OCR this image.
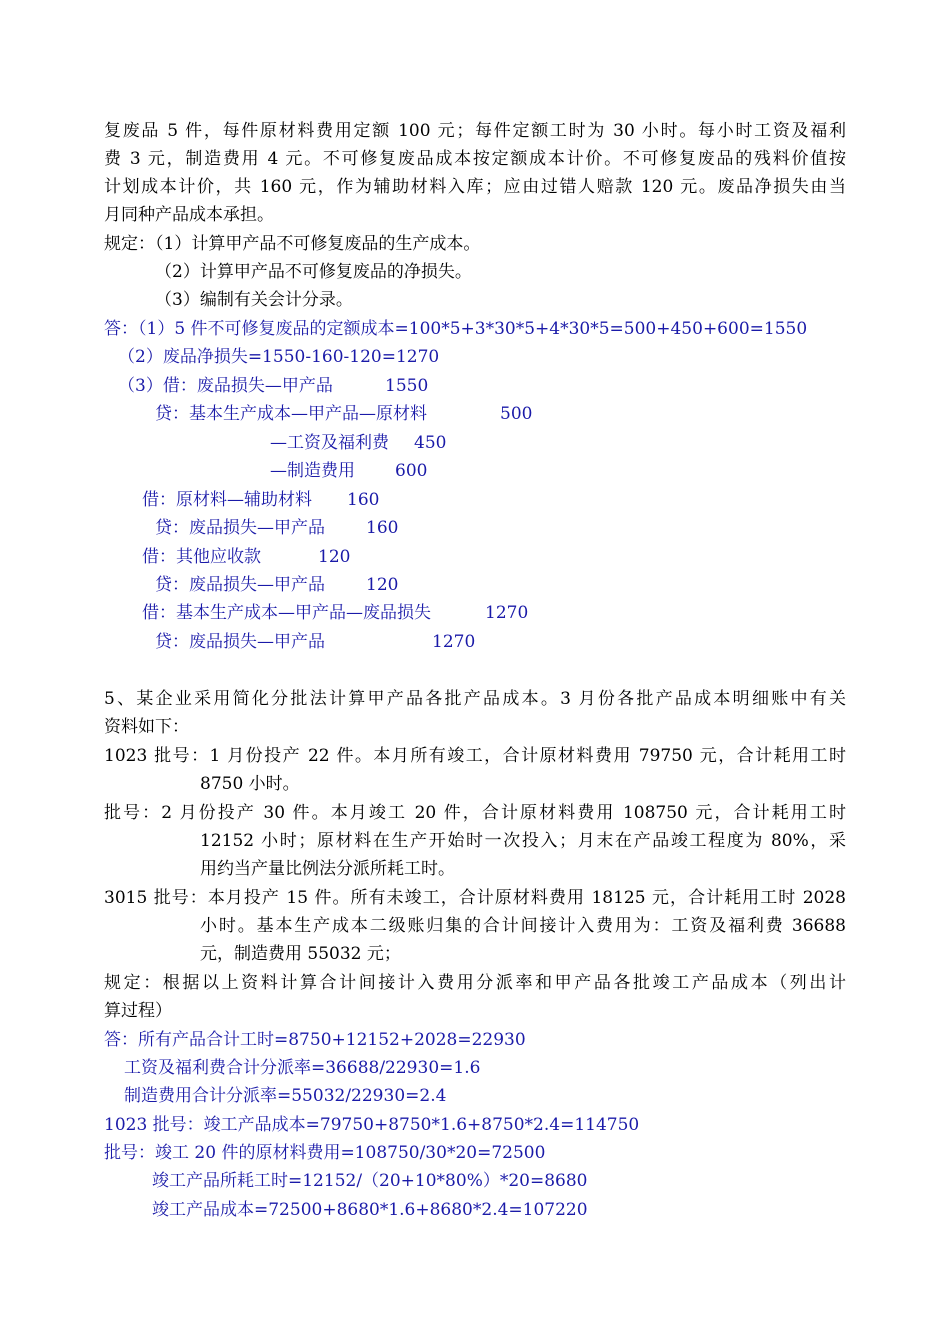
复废品 5 件，每件原材料费用定额 100 元；每件定额工时为 30 小时。每小时工资及福利
费 3 元，制造费用 4 元。不可修复废品成本按定额成本计价。不可修复废品的残料价值按
计划成本计价，共 160 元，作为辅助材料入库；应由过错人赔款 120 元。废品净损失由当
月同种产品成本承担。
规定：（1）计算甲产品不可修复废品的生产成本。
（2）计算甲产品不可修复废品的净损失。
（3）编制有关会计分录。
答：（1）5 件不可修复废品的定额成本=100*5+3*30*5+4*30*5=500+450+600=1550
（2）废品净损失=1550-160-120=1270
（3）借：废品损失—甲产品	1550
贷：基本生产成本—甲产品—原材料	500
—工资及福利费 450
—制造费用 600
借：原材料—辅助材料 160
贷：废品损失—甲产品 160
借：其他应收款	120
贷：废品损失—甲产品 120
借：基本生产成本—甲产品—废品损失	1270
贷：废品损失—甲产品	1270
5、某企业采用简化分批法计算甲产品各批产品成本。3 月份各批产品成本明细账中有关
资料如下：
1023 批号：1 月份投产 22 件。本月所有竣工，合计原材料费用 79750 元，合计耗用工时
8750 小时。
批号：2 月份投产 30 件。本月竣工 20 件，合计原材料费用 108750 元，合计耗用工时
12152 小时；原材料在生产开始时一次投入；月末在产品竣工程度为 80%，采
用约当产量比例法分派所耗工时。
3015 批号：本月投产 15 件。所有未竣工，合计原材料费用 18125 元，合计耗用工时 2028
小时。基本生产成本二级账归集的合计间接计入费用为：工资及福利费 36688
元，制造费用 55032 元；
规定：根据以上资料计算合计间接计入费用分派率和甲产品各批竣工产品成本（列出计
算过程）
答：所有产品合计工时=8750+12152+2028=22930
工资及福利费合计分派率=36688/22930=1.6
制造费用合计分派率=55032/22930=2.4
1023 批号：竣工产品成本=79750+8750*1.6+8750*2.4=114750
批号：竣工 20 件的原材料费用=108750/30*20=72500
竣工产品所耗工时=12152/（20+10*80%）*20=8680
竣工产品成本=72500+8680*1.6+8680*2.4=107220
